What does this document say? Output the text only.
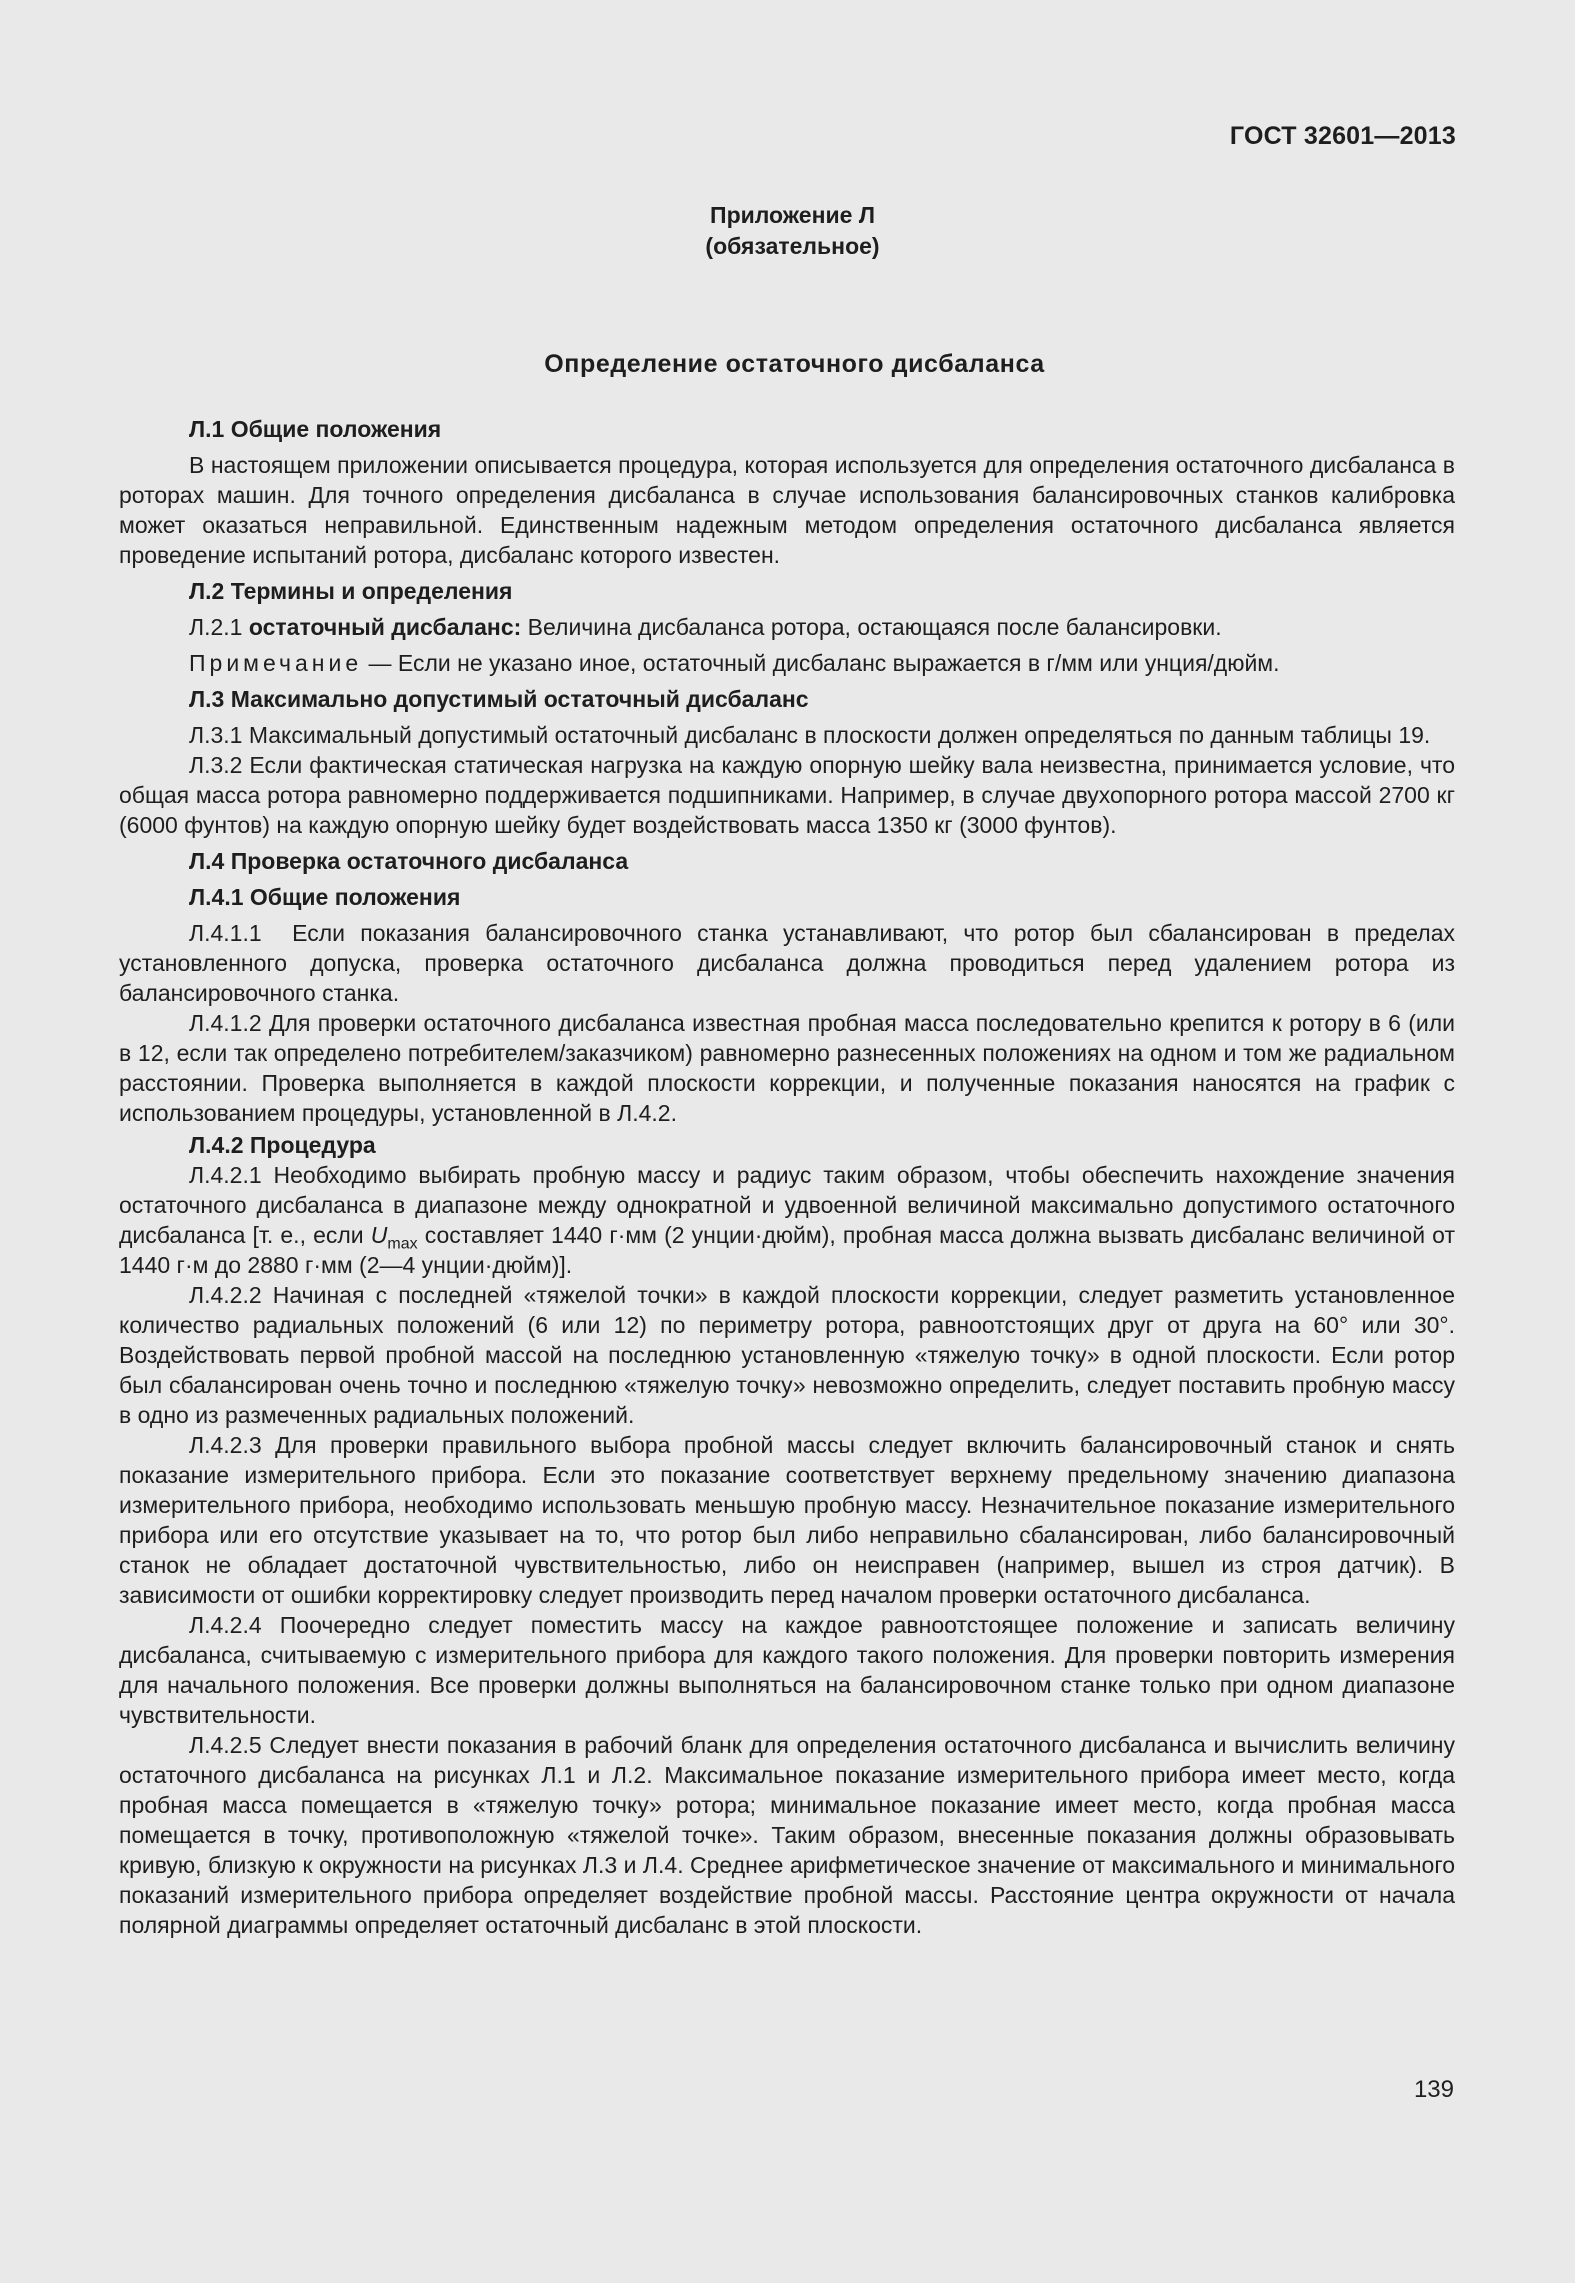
ГОСТ 32601—2013
Приложение Л
(обязательное)
Определение остаточного дисбаланса

Л.1 Общие положения

В настоящем приложении описывается процедура, которая используется для определения остаточного дисбаланса в роторах машин. Для точного определения дисбаланса в случае использования балансировочных станков калибровка может оказаться неправильной. Единственным надежным методом определения остаточного дисбаланса является проведение испытаний ротора, дисбаланс которого известен.

Л.2 Термины и определения

Л.2.1 остаточный дисбаланс: Величина дисбаланса ротора, остающаяся после балансировки.

Примечание — Если не указано иное, остаточный дисбаланс выражается в г/мм или унция/дюйм.

Л.3 Максимально допустимый остаточный дисбаланс

Л.3.1 Максимальный допустимый остаточный дисбаланс в плоскости должен определяться по данным таблицы 19.

Л.3.2 Если фактическая статическая нагрузка на каждую опорную шейку вала неизвестна, принимается условие, что общая масса ротора равномерно поддерживается подшипниками. Например, в случае двухопорного ротора массой 2700 кг (6000 фунтов) на каждую опорную шейку будет воздействовать масса 1350 кг (3000 фунтов).

Л.4 Проверка остаточного дисбаланса

Л.4.1 Общие положения

Л.4.1.1  Если показания балансировочного станка устанавливают, что ротор был сбалансирован в пределах установленного допуска, проверка остаточного дисбаланса должна проводиться перед удалением ротора из балансировочного станка.

Л.4.1.2 Для проверки остаточного дисбаланса известная пробная масса последовательно крепится к ротору в 6 (или в 12, если так определено потребителем/заказчиком) равномерно разнесенных положениях на одном и том же радиальном расстоянии. Проверка выполняется в каждой плоскости коррекции, и полученные показания наносятся на график с использованием процедуры, установленной в Л.4.2.

Л.4.2 Процедура

Л.4.2.1 Необходимо выбирать пробную массу и радиус таким образом, чтобы обеспечить нахождение значения остаточного дисбаланса в диапазоне между однократной и удвоенной величиной максимально допустимого остаточного дисбаланса [т. е., если $U_{max}$ составляет 1440 г·мм (2 унции·дюйм), пробная масса должна вызвать дисбаланс величиной от 1440 г·м до 2880 г·мм (2—4 унции·дюйм)].

Л.4.2.2 Начиная с последней «тяжелой точки» в каждой плоскости коррекции, следует разметить установленное количество радиальных положений (6 или 12) по периметру ротора, равноотстоящих друг от друга на 60° или 30°. Воздействовать первой пробной массой на последнюю установленную «тяжелую точку» в одной плоскости. Если ротор был сбалансирован очень точно и последнюю «тяжелую точку» невозможно определить, следует поставить пробную массу в одно из размеченных радиальных положений.

Л.4.2.3 Для проверки правильного выбора пробной массы следует включить балансировочный станок и снять показание измерительного прибора. Если это показание соответствует верхнему предельному значению диапазона измерительного прибора, необходимо использовать меньшую пробную массу. Незначительное показание измерительного прибора или его отсутствие указывает на то, что ротор был либо неправильно сбалансирован, либо балансировочный станок не обладает достаточной чувствительностью, либо он неисправен (например, вышел из строя датчик). В зависимости от ошибки корректировку следует производить перед началом проверки остаточного дисбаланса.

Л.4.2.4 Поочередно следует поместить массу на каждое равноотстоящее положение и записать величину дисбаланса, считываемую с измерительного прибора для каждого такого положения. Для проверки повторить измерения для начального положения. Все проверки должны выполняться на балансировочном станке только при одном диапазоне чувствительности.

Л.4.2.5 Следует внести показания в рабочий бланк для определения остаточного дисбаланса и вычислить величину остаточного дисбаланса на рисунках Л.1 и Л.2. Максимальное показание измерительного прибора имеет место, когда пробная масса помещается в «тяжелую точку» ротора; минимальное показание имеет место, когда пробная масса помещается в точку, противоположную «тяжелой точке». Таким образом, внесенные показания должны образовывать кривую, близкую к окружности на рисунках Л.3 и Л.4. Среднее арифметическое значение от максимального и минимального показаний измерительного прибора определяет воздействие пробной массы. Расстояние центра окружности от начала полярной диаграммы определяет остаточный дисбаланс в этой плоскости.

139
